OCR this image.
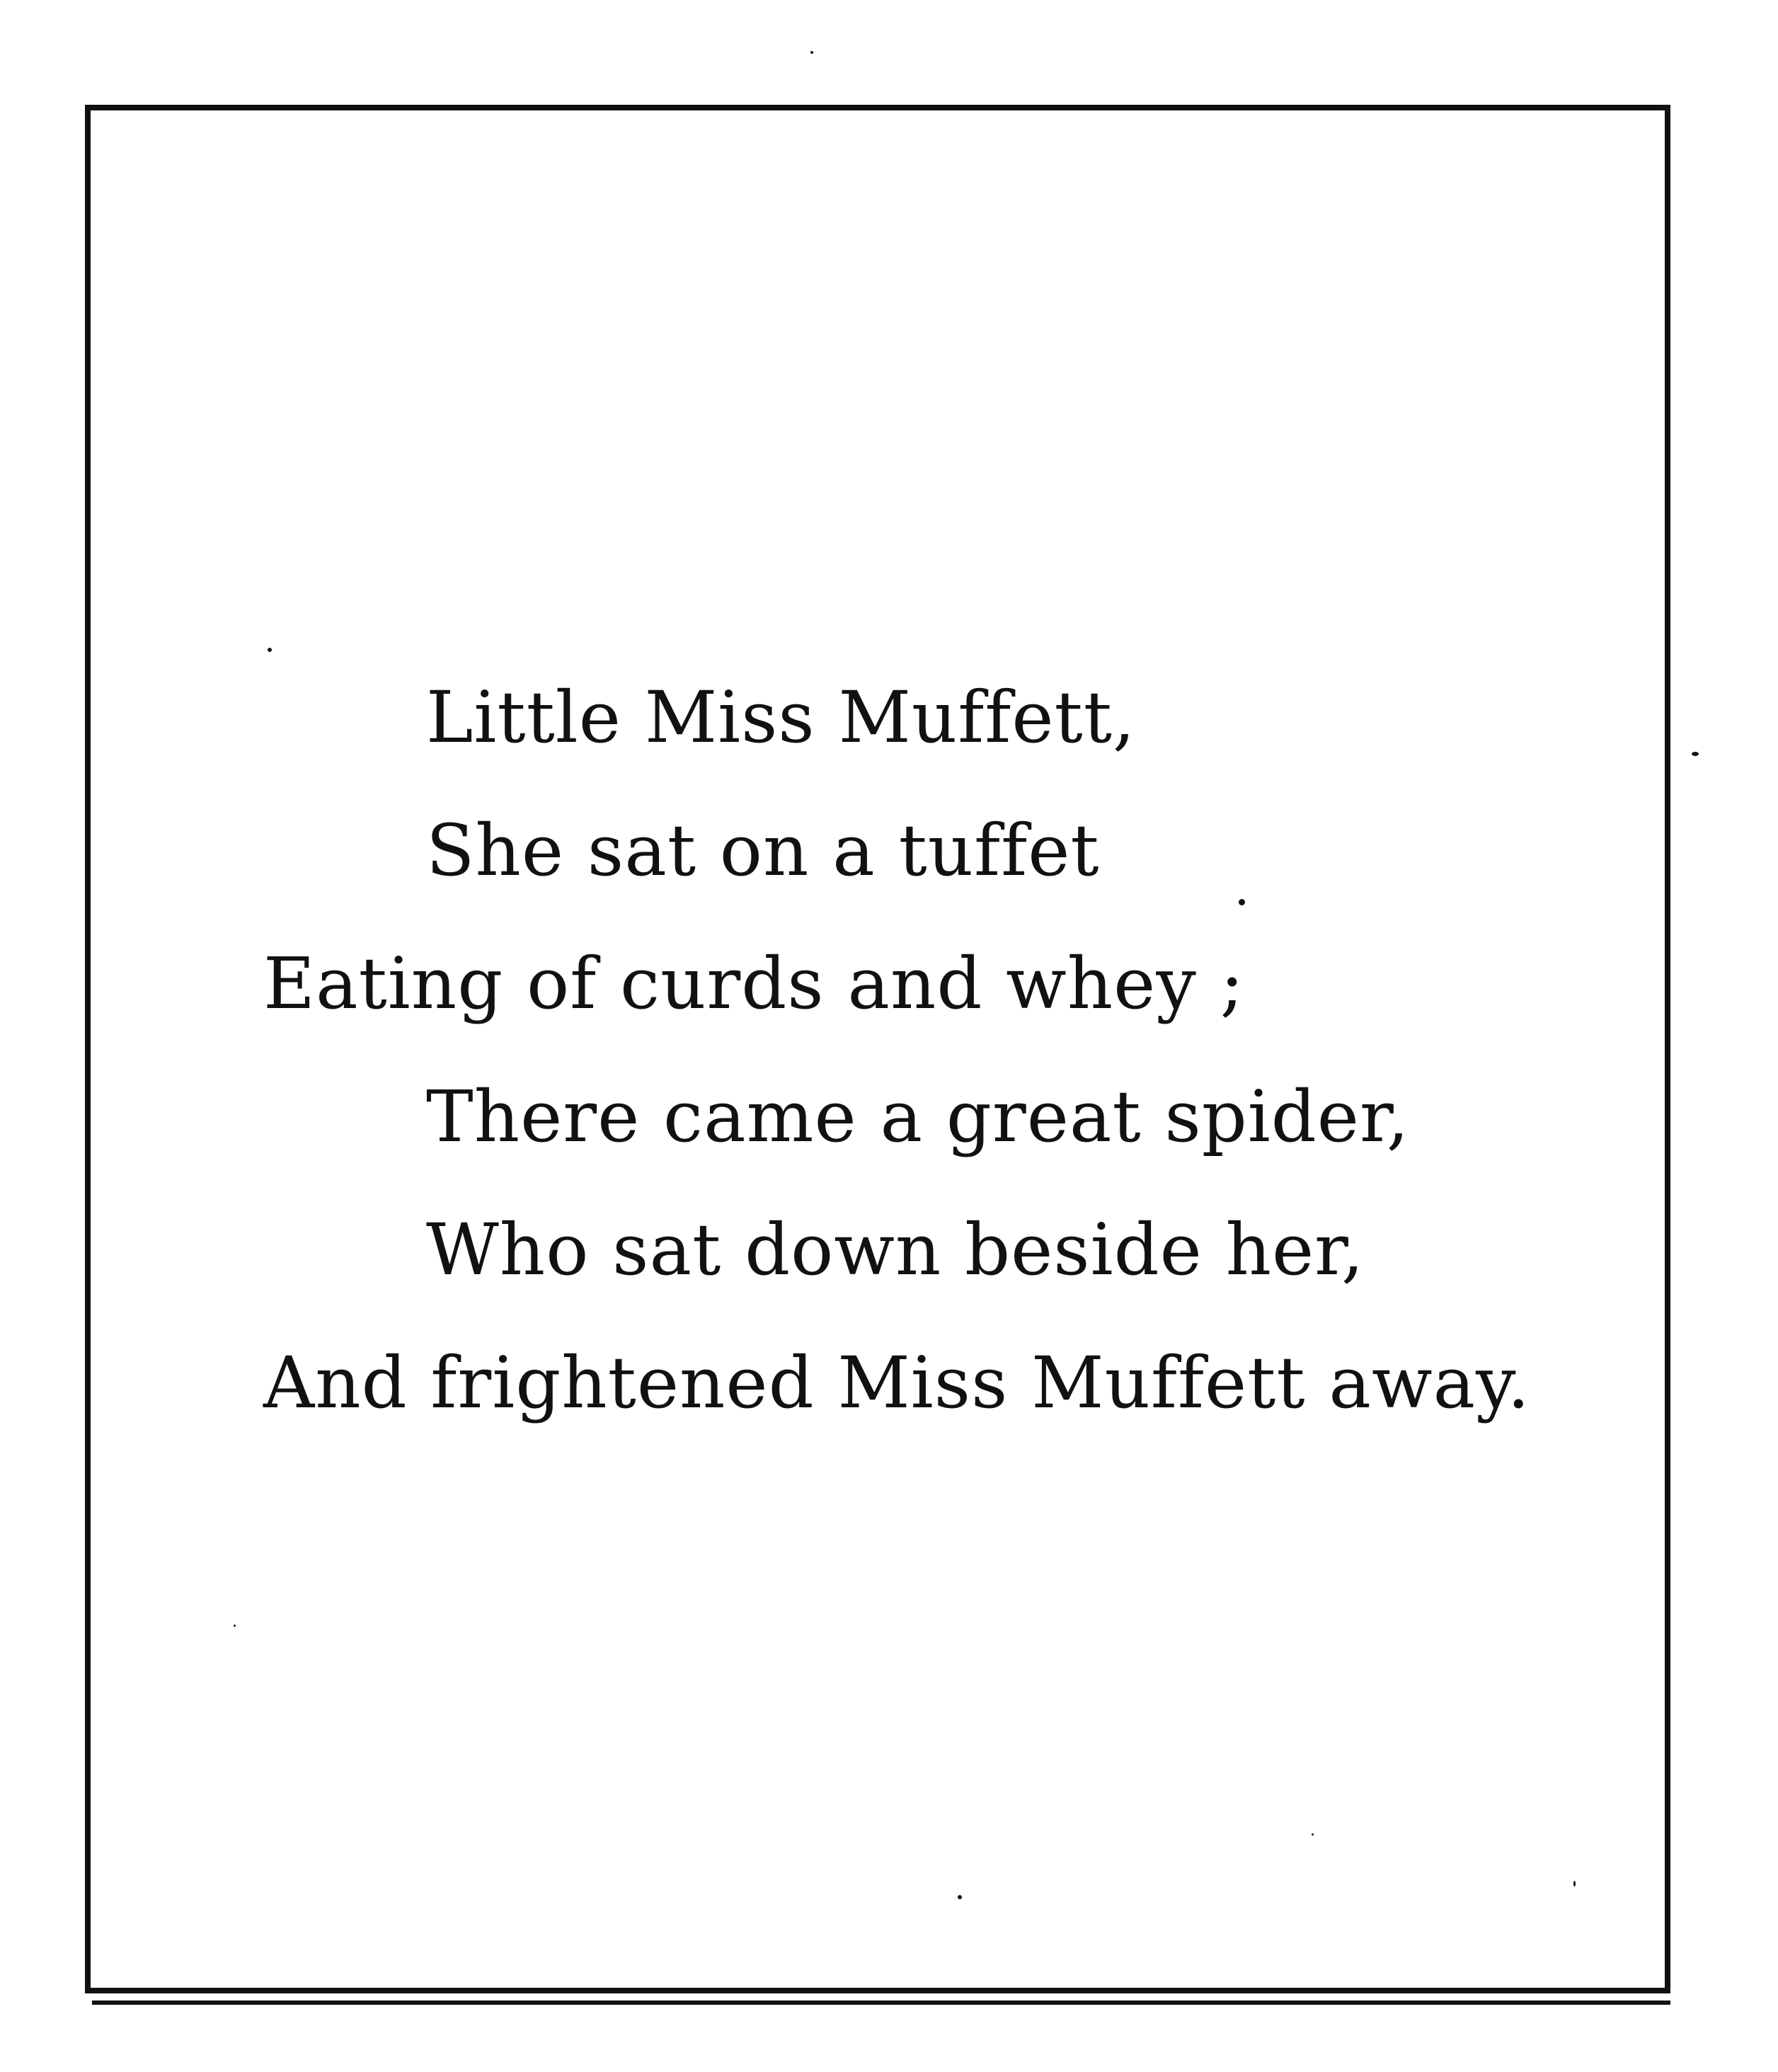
Little Miss Muffett,
She sat on a tuffet
Eating of curds and whey ;
There came a great spider,
Who sat down beside her,
And frightened Miss Muffett away.
